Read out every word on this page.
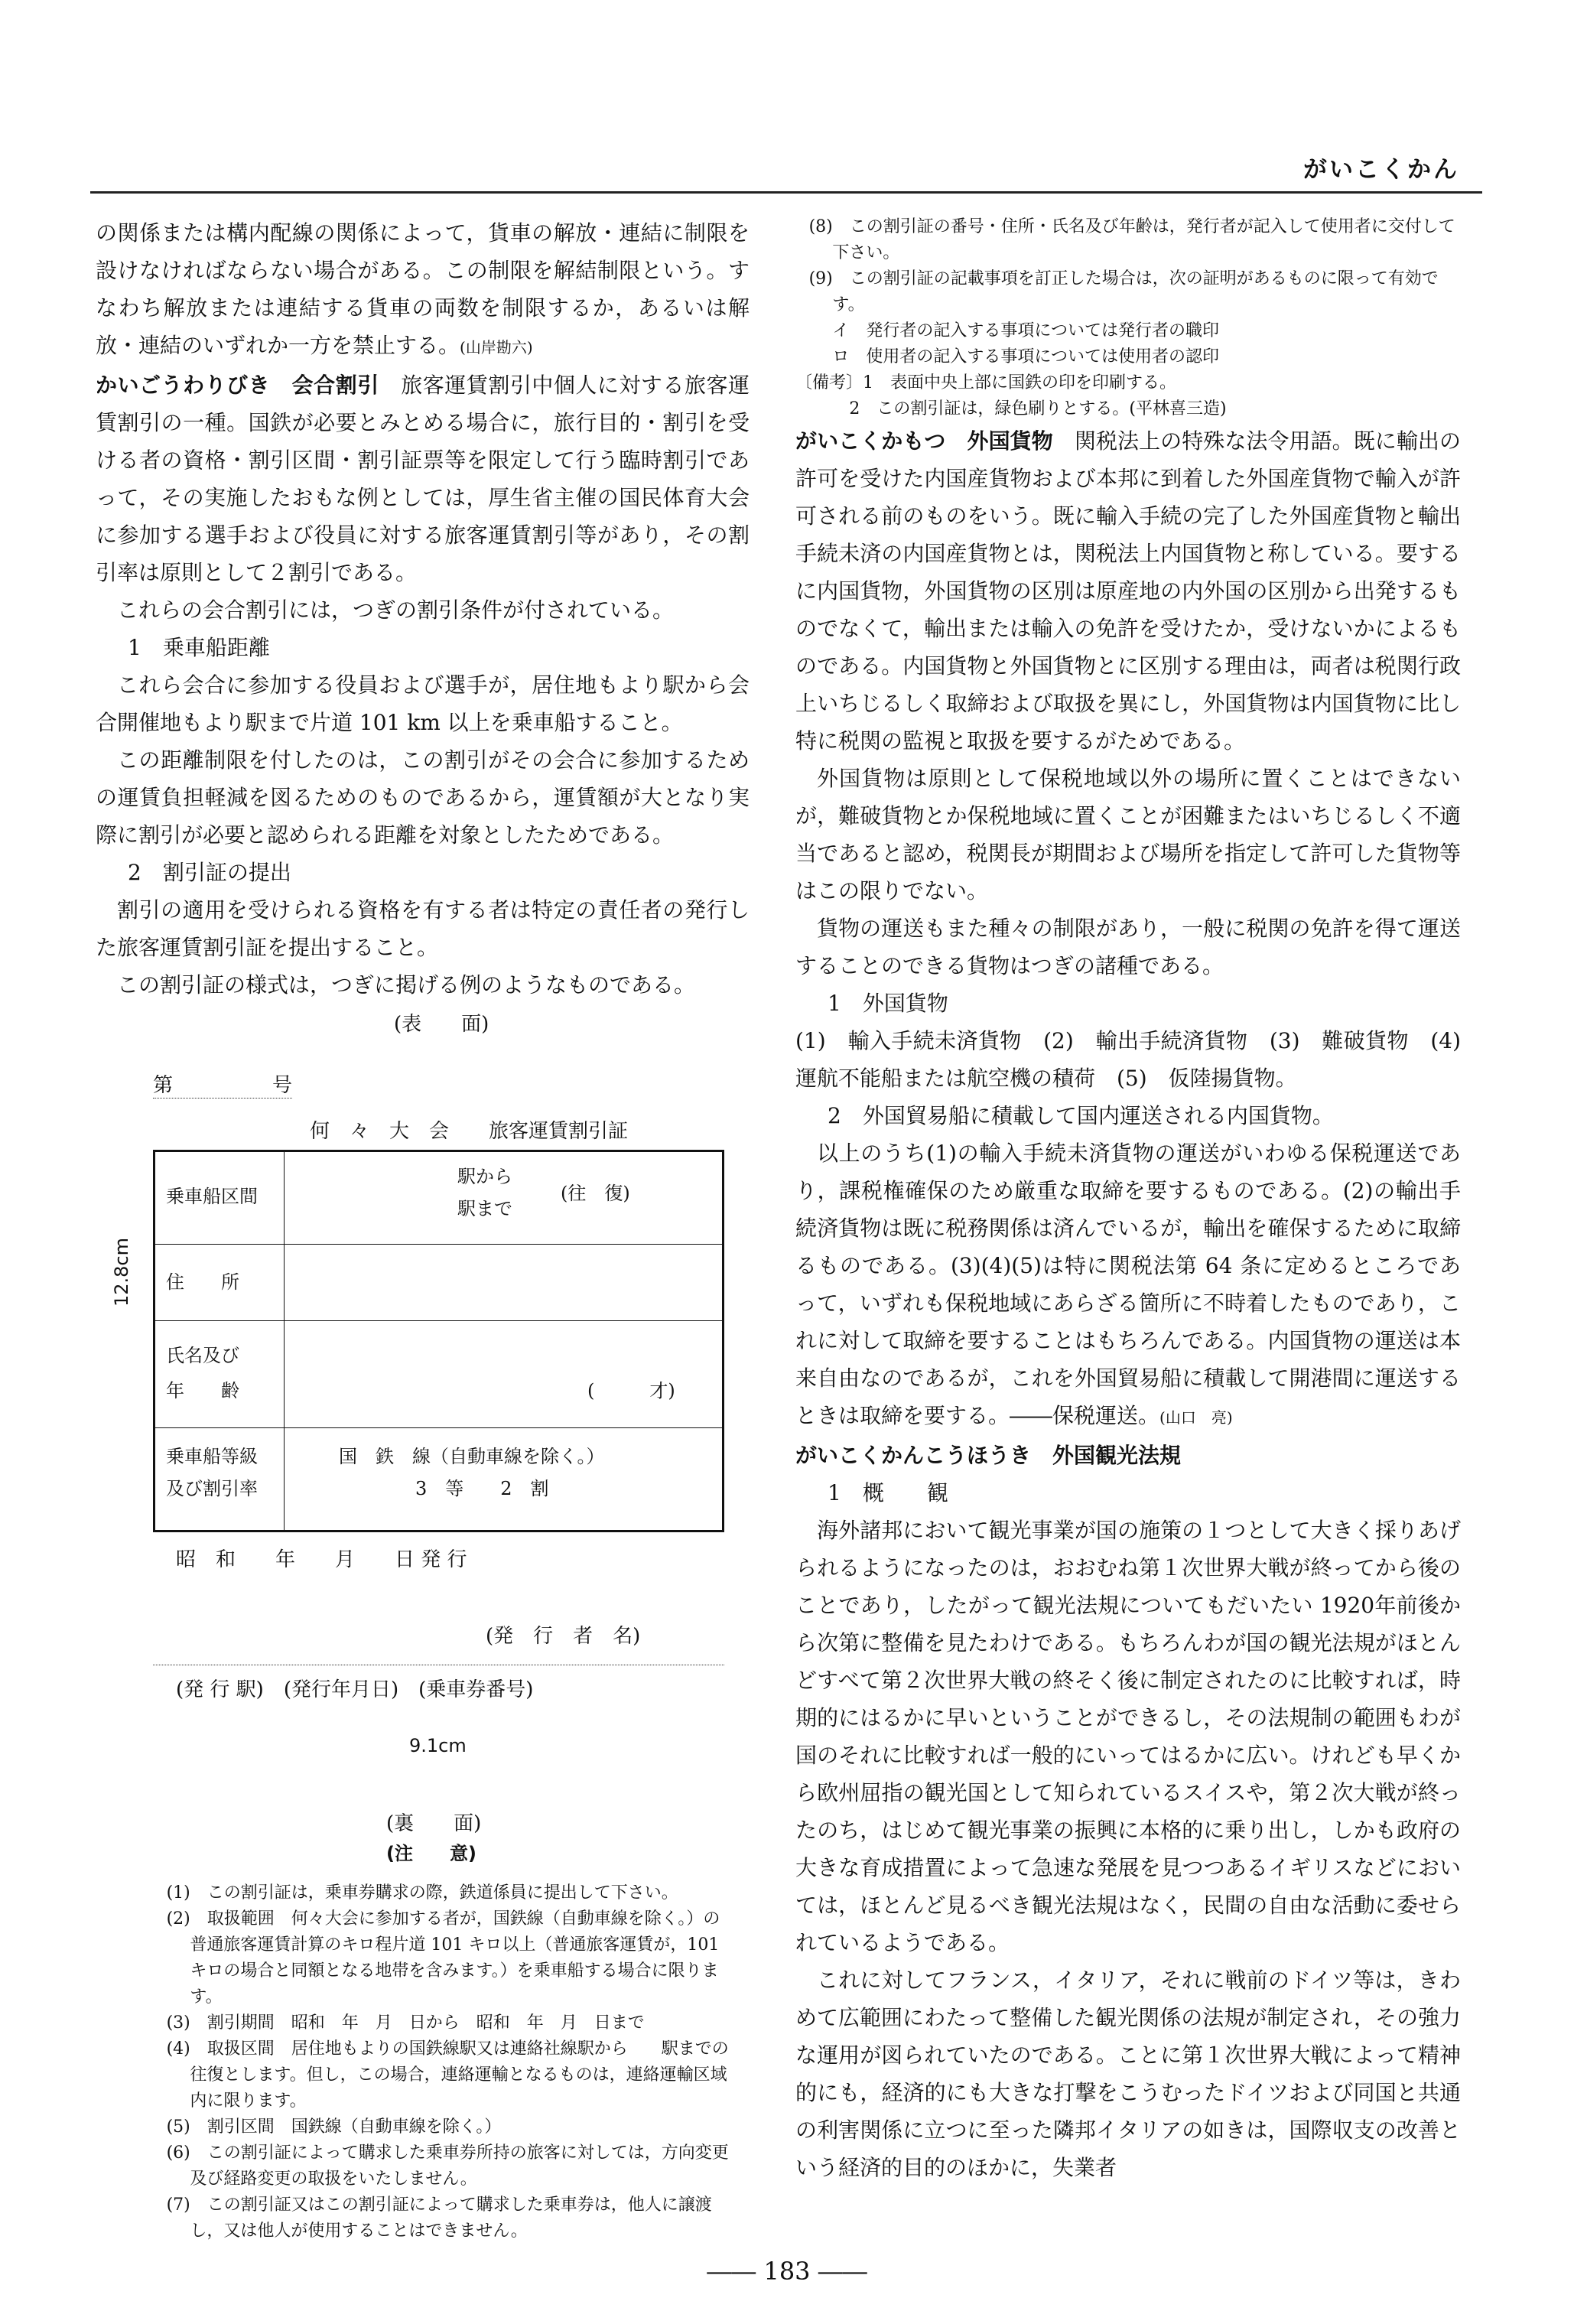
がいこくかん

の関係または構内配線の関係によって，貨車の解放・連結に制限を設けなければならない場合がある。この制限を解結制限という。すなわち解放または連結する貨車の両数を制限するか，あるいは解放・連結のいずれか一方を禁止する。(山岸勘六)

かいごうわりびき　会合割引　 旅客運賃割引中個人に対する旅客運賃割引の一種。国鉄が必要とみとめる場合に，旅行目的・割引を受ける者の資格・割引区間・割引証票等を限定して行う臨時割引であって，その実施したおもな例としては，厚生省主催の国民体育大会に参加する選手および役員に対する旅客運賃割引等があり，その割引率は原則として２割引である。

これらの会合割引には，つぎの割引条件が付されている。

1　乗車船距離

これら会合に参加する役員および選手が，居住地もより駅から会合開催地もより駅まで片道 101 km 以上を乗車船すること。

この距離制限を付したのは，この割引がその会合に参加するための運賃負担軽減を図るためのものであるから，運賃額が大となり実際に割引が必要と認められる距離を対象としたためである。

2　割引証の提出

割引の適用を受けられる資格を有する者は特定の責任者の発行した旅客運賃割引証を提出すること。

この割引証の様式は，つぎに掲げる例のようなものである。

(表　　面)
第　　　　　号
何　々　大　会　　旅客運賃割引証
12.8cm
乗車船区間
駅から
駅まで
(往　復)
住　　所
氏名及び
年　　齢	(　　　才)
乗車船等級
及び割引率
国　鉄　線（自動車線を除く。）
3　等　　2　割
昭　和　　年　　月　　日 発 行
(発　行　者　名)
(発 行 駅)　(発行年月日)　(乗車券番号)
9.1cm
(裏　　面)
(注　　意)

(1)　この割引証は，乗車券購求の際，鉄道係員に提出して下さい。

(2)　取扱範囲　何々大会に参加する者が，国鉄線（自動車線を除く。）の普通旅客運賃計算のキロ程片道 101 キロ以上（普通旅客運賃が，101 キロの場合と同額となる地帯を含みます。）を乗車船する場合に限ります。

(3)　割引期間　昭和　年　月　日から　昭和　年　月　日まで

(4)　取扱区間　居住地もよりの国鉄線駅又は連絡社線駅から　　駅までの往復とします。但し，この場合，連絡運輸となるものは，連絡運輸区域内に限ります。

(5)　割引区間　国鉄線（自動車線を除く。）

(6)　この割引証によって購求した乗車券所持の旅客に対しては，方向変更及び経路変更の取扱をいたしません。

(7)　この割引証又はこの割引証によって購求した乗車券は，他人に譲渡し，又は他人が使用することはできません。

(8)　この割引証の番号・住所・氏名及び年齢は，発行者が記入して使用者に交付して下さい。

(9)　この割引証の記載事項を訂正した場合は，次の証明があるものに限って有効です。

イ　発行者の記入する事項については発行者の職印

ロ　使用者の記入する事項については使用者の認印

〔備考〕1　表面中央上部に国鉄の印を印刷する。

2　この割引証は，緑色刷りとする。(平林喜三造)

がいこくかもつ　外国貨物　 関税法上の特殊な法令用語。既に輸出の許可を受けた内国産貨物および本邦に到着した外国産貨物で輸入が許可される前のものをいう。既に輸入手続の完了した外国産貨物と輸出手続未済の内国産貨物とは，関税法上内国貨物と称している。要するに内国貨物，外国貨物の区別は原産地の内外国の区別から出発するものでなくて，輸出または輸入の免許を受けたか，受けないかによるものである。内国貨物と外国貨物とに区別する理由は，両者は税関行政上いちじるしく取締および取扱を異にし，外国貨物は内国貨物に比し特に税関の監視と取扱を要するがためである。

外国貨物は原則として保税地域以外の場所に置くことはできないが，難破貨物とか保税地域に置くことが困難またはいちじるしく不適当であると認め，税関長が期間および場所を指定して許可した貨物等はこの限りでない。

貨物の運送もまた種々の制限があり，一般に税関の免許を得て運送することのできる貨物はつぎの諸種である。

1　外国貨物

(1)　輸入手続未済貨物　(2)　輸出手続済貨物　(3)　難破貨物　(4)　運航不能船または航空機の積荷　(5)　仮陸揚貨物。

2　外国貿易船に積載して国内運送される内国貨物。

以上のうち(1)の輸入手続未済貨物の運送がいわゆる保税運送であり，課税権確保のため厳重な取締を要するものである。(2)の輸出手続済貨物は既に税務関係は済んでいるが，輸出を確保するために取締るものである。(3)(4)(5)は特に関税法第 64 条に定めるところであって，いずれも保税地域にあらざる箇所に不時着したものであり，これに対して取締を要することはもちろんである。内国貨物の運送は本来自由なのであるが，これを外国貿易船に積載して開港間に運送するときは取締を要する。――保税運送。(山口　亮)

がいこくかんこうほうき　外国観光法規

1　概　　観

海外諸邦において観光事業が国の施策の１つとして大きく採りあげられるようになったのは，おおむね第１次世界大戦が終ってから後のことであり，したがって観光法規についてもだいたい 1920年前後から次第に整備を見たわけである。もちろんわが国の観光法規がほとんどすべて第２次世界大戦の終そく後に制定されたのに比較すれば，時期的にはるかに早いということができるし，その法規制の範囲もわが国のそれに比較すれば一般的にいってはるかに広い。けれども早くから欧州屈指の観光国として知られているスイスや，第２次大戦が終ったのち，はじめて観光事業の振興に本格的に乗り出し，しかも政府の大きな育成措置によって急速な発展を見つつあるイギリスなどにおいては，ほとんど見るべき観光法規はなく，民間の自由な活動に委せられているようである。

これに対してフランス，イタリア，それに戦前のドイツ等は，きわめて広範囲にわたって整備した観光関係の法規が制定され，その強力な運用が図られていたのである。ことに第１次世界大戦によって精神的にも，経済的にも大きな打撃をこうむったドイツおよび同国と共通の利害関係に立つに至った隣邦イタリアの如きは，国際収支の改善という経済的目的のほかに，失業者

―― 183 ――
